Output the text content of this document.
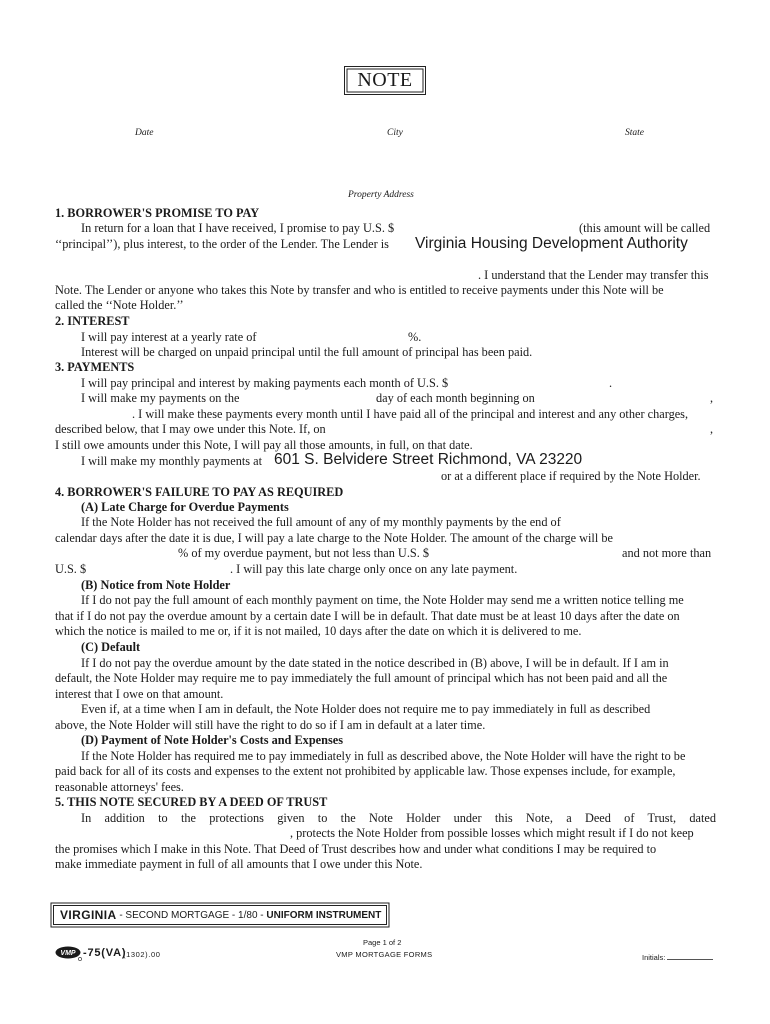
NOTE
Date	City	State
Property Address
1. BORROWER'S PROMISE TO PAY
In return for a loan that I have received, I promise to pay U.S. $	(this amount will be called
‘‘principal’’), plus interest, to the order of the Lender. The Lender is Virginia Housing Development Authority
. I understand that the Lender may transfer this
Note. The Lender or anyone who takes this Note by transfer and who is entitled to receive payments under this Note will be
called the ‘‘Note Holder.’’
2. INTEREST
I will pay interest at a yearly rate of	%.
Interest will be charged on unpaid principal until the full amount of principal has been paid.
3. PAYMENTS
I will pay principal and interest by making payments each month of U.S. $	.
I will make my payments on the	day of each month beginning on	,
. I will make these payments every month until I have paid all of the principal and interest and any other charges,
described below, that I may owe under this Note. If, on	,
I still owe amounts under this Note, I will pay all those amounts, in full, on that date.
I will make my monthly payments at 601 S. Belvidere Street Richmond, VA 23220
or at a different place if required by the Note Holder.
4. BORROWER'S FAILURE TO PAY AS REQUIRED
(A) Late Charge for Overdue Payments
If the Note Holder has not received the full amount of any of my monthly payments by the end of
calendar days after the date it is due, I will pay a late charge to the Note Holder. The amount of the charge will be
% of my overdue payment, but not less than U.S. $	and not more than
U.S. $	. I will pay this late charge only once on any late payment.
(B) Notice from Note Holder
If I do not pay the full amount of each monthly payment on time, the Note Holder may send me a written notice telling me
that if I do not pay the overdue amount by a certain date I will be in default. That date must be at least 10 days after the date on
which the notice is mailed to me or, if it is not mailed, 10 days after the date on which it is delivered to me.
(C) Default
If I do not pay the overdue amount by the date stated in the notice described in (B) above, I will be in default. If I am in
default, the Note Holder may require me to pay immediately the full amount of principal which has not been paid and all the
interest that I owe on that amount.
Even if, at a time when I am in default, the Note Holder does not require me to pay immediately in full as described
above, the Note Holder will still have the right to do so if I am in default at a later time.
(D) Payment of Note Holder's Costs and Expenses
If the Note Holder has required me to pay immediately in full as described above, the Note Holder will have the right to be
paid back for all of its costs and expenses to the extent not prohibited by applicable law. Those expenses include, for example,
reasonable attorneys' fees.
5. THIS NOTE SECURED BY A DEED OF TRUST
In addition to the protections given to the Note Holder under this Note, a Deed of Trust, dated
, protects the Note Holder from possible losses which might result if I do not keep
the promises which I make in this Note. That Deed of Trust describes how and under what conditions I may be required to
make immediate payment in full of all amounts that I owe under this Note.
VIRGINIA - SECOND MORTGAGE - 1/80 - UNIFORM INSTRUMENT
VMP -75(VA)
(1302).00
Page 1 of 2
VMP MORTGAGE FORMS	Initials:
